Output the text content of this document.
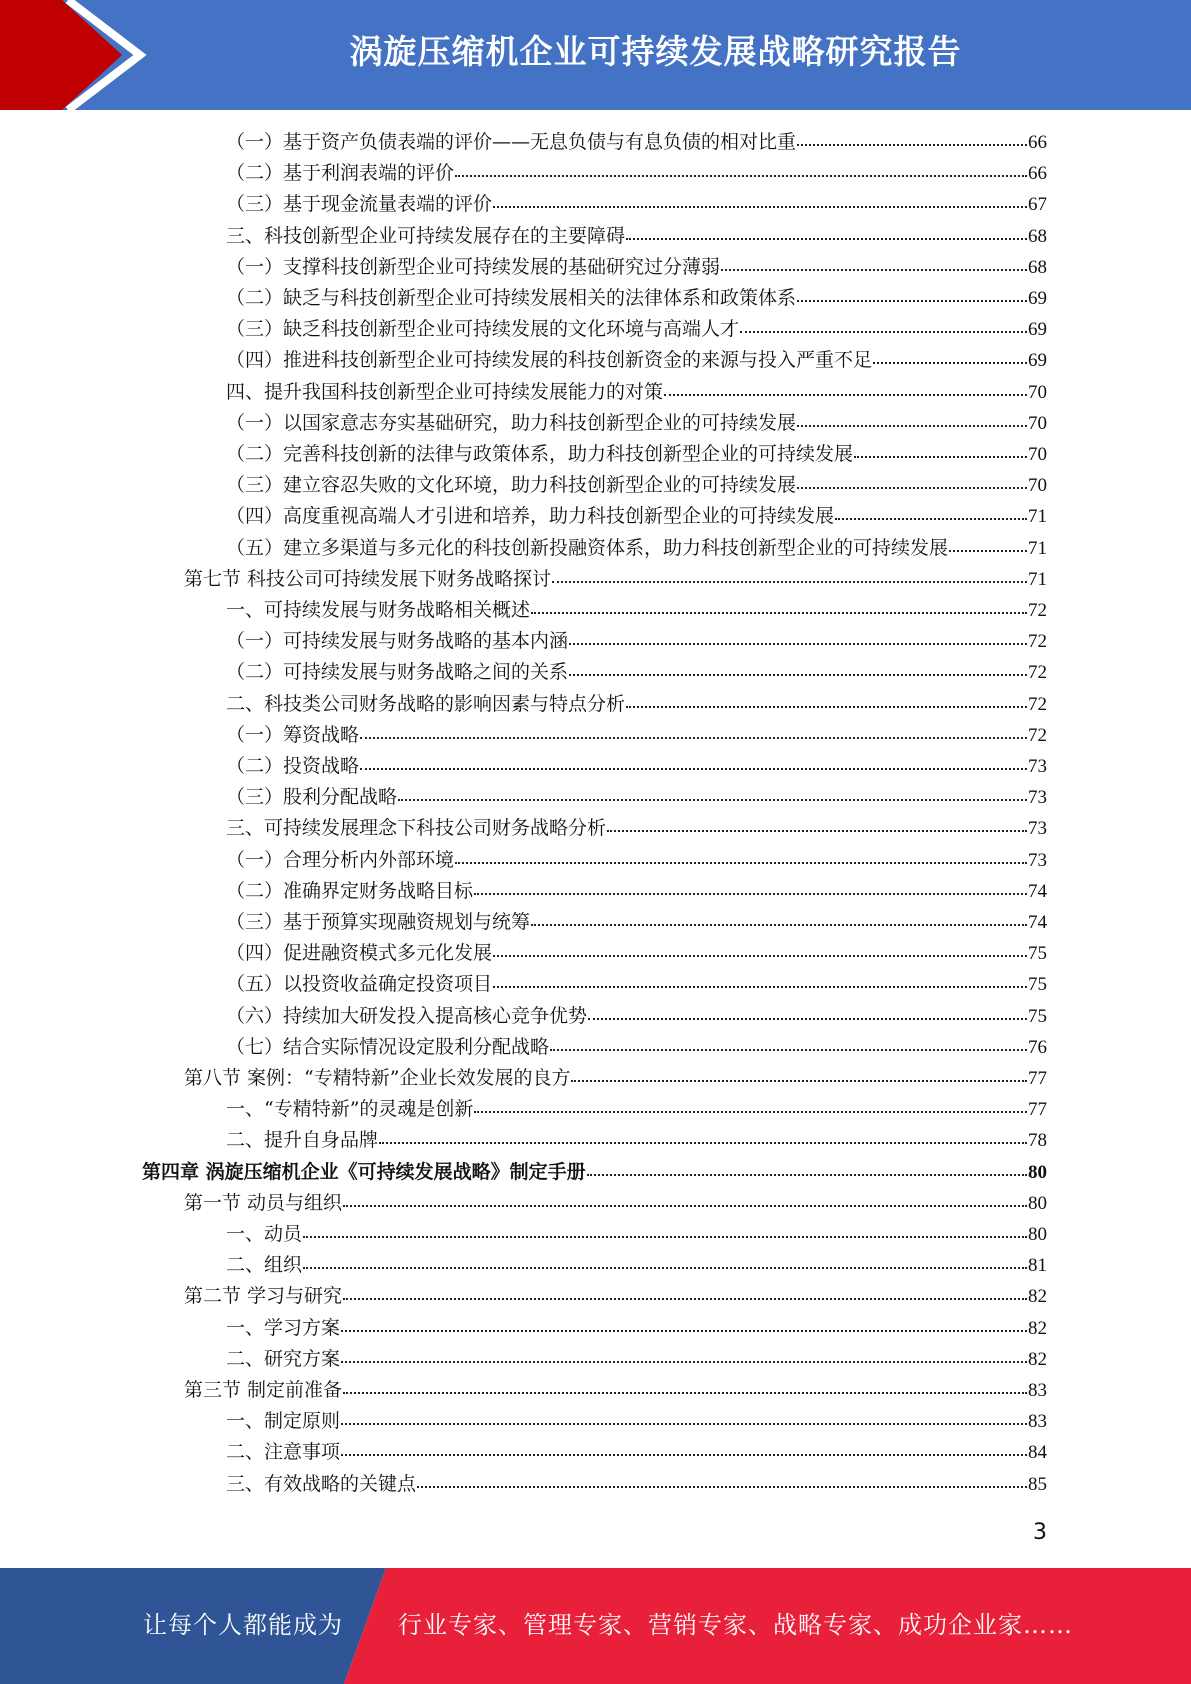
涡旋压缩机企业可持续发展战略研究报告
（一）基于资产负债表端的评价——无息负债与有息负债的相对比重	66
（二）基于利润表端的评价	66
（三）基于现金流量表端的评价	67
三、科技创新型企业可持续发展存在的主要障碍	68
（一）支撑科技创新型企业可持续发展的基础研究过分薄弱	68
（二）缺乏与科技创新型企业可持续发展相关的法律体系和政策体系	69
（三）缺乏科技创新型企业可持续发展的文化环境与高端人才	69
（四）推进科技创新型企业可持续发展的科技创新资金的来源与投入严重不足	69
四、提升我国科技创新型企业可持续发展能力的对策	70
（一）以国家意志夯实基础研究，助力科技创新型企业的可持续发展	70
（二）完善科技创新的法律与政策体系，助力科技创新型企业的可持续发展	70
（三）建立容忍失败的文化环境，助力科技创新型企业的可持续发展	70
（四）高度重视高端人才引进和培养，助力科技创新型企业的可持续发展	71
（五）建立多渠道与多元化的科技创新投融资体系，助力科技创新型企业的可持续发展	71
第七节 科技公司可持续发展下财务战略探讨	71
一、可持续发展与财务战略相关概述	72
（一）可持续发展与财务战略的基本内涵	72
（二）可持续发展与财务战略之间的关系	72
二、科技类公司财务战略的影响因素与特点分析	72
（一）筹资战略	72
（二）投资战略	73
（三）股利分配战略	73
三、可持续发展理念下科技公司财务战略分析	73
（一）合理分析内外部环境	73
（二）准确界定财务战略目标	74
（三）基于预算实现融资规划与统筹	74
（四）促进融资模式多元化发展	75
（五）以投资收益确定投资项目	75
（六）持续加大研发投入提高核心竞争优势	75
（七）结合实际情况设定股利分配战略	76
第八节 案例：“专精特新”企业长效发展的良方	77
一、“专精特新”的灵魂是创新	77
二、提升自身品牌	78
第四章 涡旋压缩机企业《可持续发展战略》制定手册	80
第一节 动员与组织	80
一、动员	80
二、组织	81
第二节 学习与研究	82
一、学习方案	82
二、研究方案	82
第三节 制定前准备	83
一、制定原则	83
二、注意事项	84
三、有效战略的关键点	85
3
让每个人都能成为 行业专家、管理专家、营销专家、战略专家、成功企业家……
